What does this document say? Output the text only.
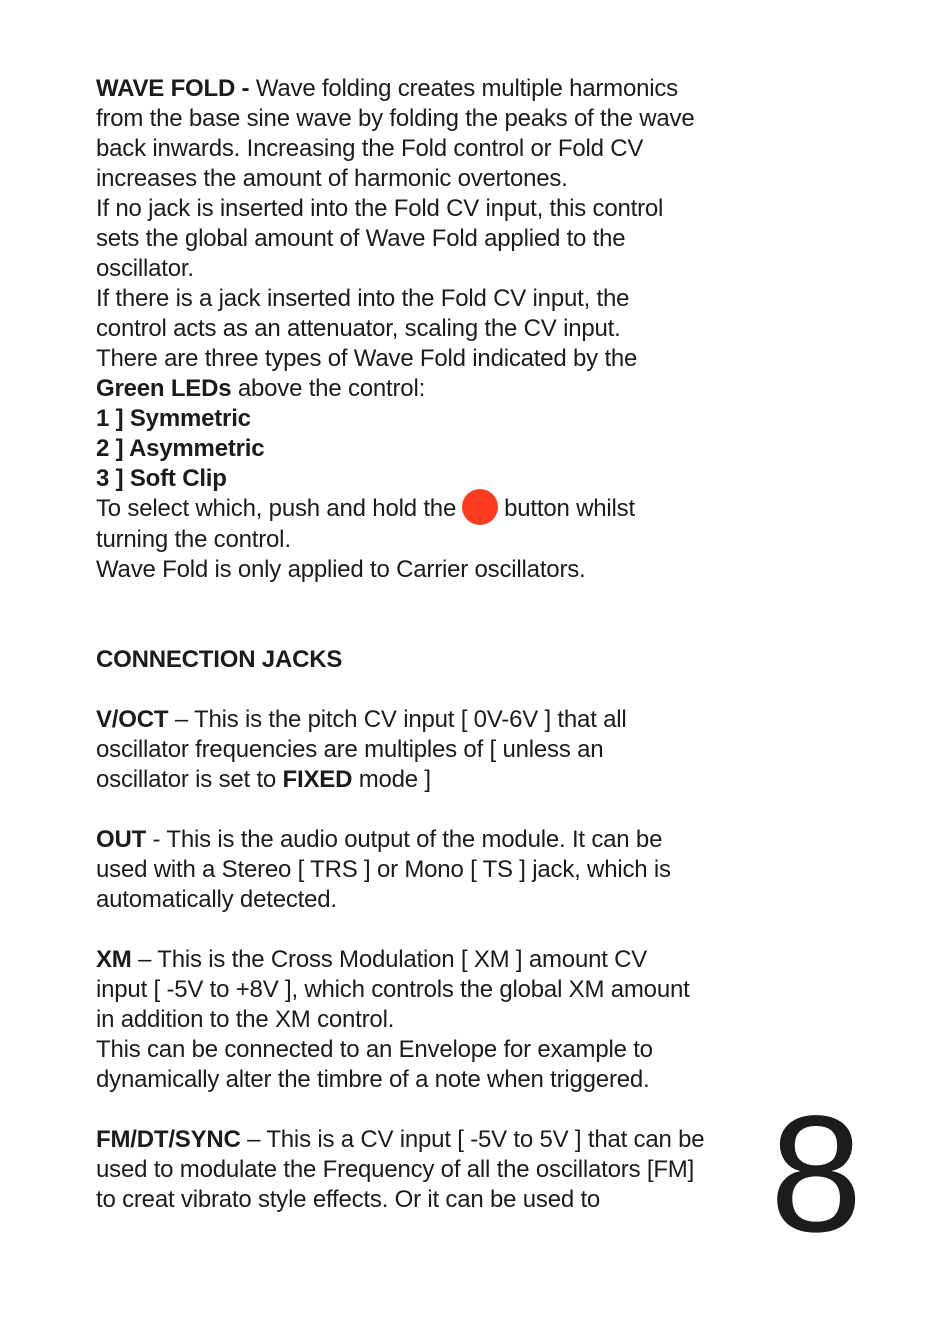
WAVE FOLD - Wave folding creates multiple harmonics
from the base sine wave by folding the peaks of the wave
back inwards. Increasing the Fold control or Fold CV
increases the amount of harmonic overtones.
If no jack is inserted into the Fold CV input, this control
sets the global amount of Wave Fold applied to the
oscillator.
If there is a jack inserted into the Fold CV input, the
control acts as an attenuator, scaling the CV input.
There are three types of Wave Fold indicated by the
Green LEDs above the control:
1 ] Symmetric
2 ] Asymmetric
3 ] Soft Clip
To select which, push and hold the button whilst
turning the control.
Wave Fold is only applied to Carrier oscillators.
CONNECTION JACKS
V/OCT – This is the pitch CV input [ 0V-6V ] that all
oscillator frequencies are multiples of [ unless an
oscillator is set to FIXED mode ]
OUT - This is the audio output of the module. It can be
used with a Stereo [ TRS ] or Mono [ TS ] jack, which is
automatically detected.
XM – This is the Cross Modulation [ XM ] amount CV
input [ -5V to +8V ], which controls the global XM amount
in addition to the XM control.
This can be connected to an Envelope for example to
dynamically alter the timbre of a note when triggered.
FM/DT/SYNC – This is a CV input [ -5V to 5V ] that can be
used to modulate the Frequency of all the oscillators [FM]
to creat vibrato style effects. Or it can be used to	8
